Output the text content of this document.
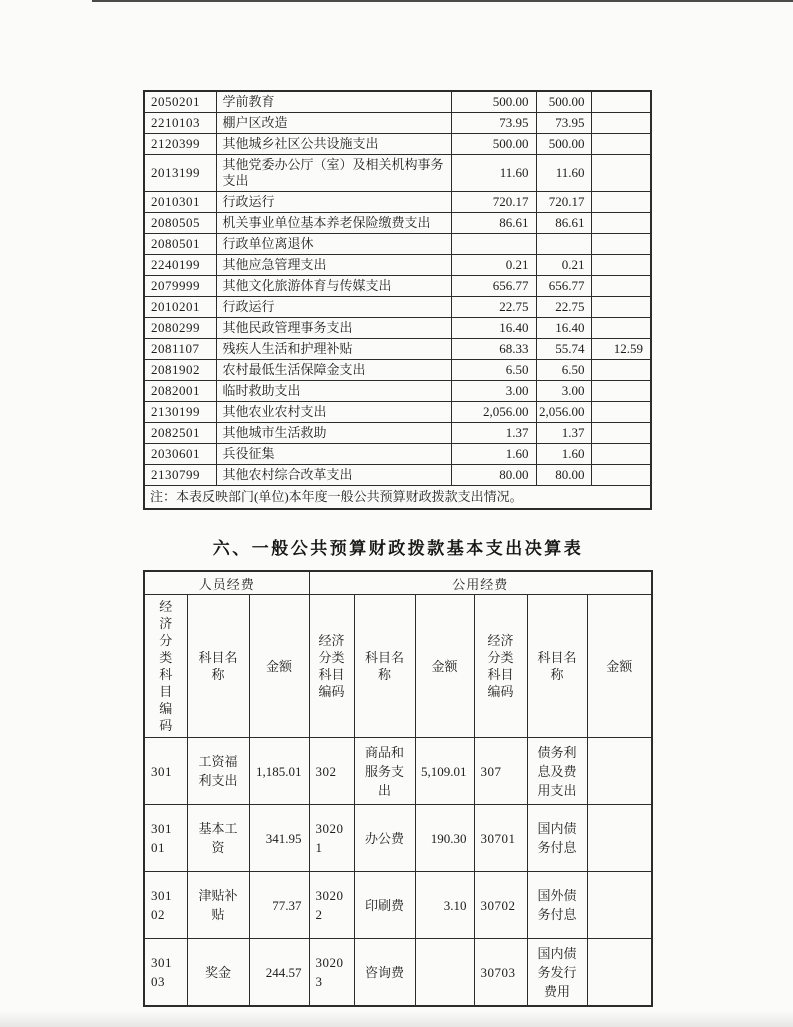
2050201	学前教育	500.00	500.00	
2210103	棚户区改造	73.95	73.95	
2120399	其他城乡社区公共设施支出	500.00	500.00	
2013199	其他党委办公厅（室）及相关机构事务支出	11.60	11.60	
2010301	行政运行	720.17	720.17	
2080505	机关事业单位基本养老保险缴费支出	86.61	86.61	
2080501	行政单位离退休			
2240199	其他应急管理支出	0.21	0.21	
2079999	其他文化旅游体育与传媒支出	656.77	656.77	
2010201	行政运行	22.75	22.75	
2080299	其他民政管理事务支出	16.40	16.40	
2081107	残疾人生活和护理补贴	68.33	55.74	12.59
2081902	农村最低生活保障金支出	6.50	6.50	
2082001	临时救助支出	3.00	3.00	
2130199	其他农业农村支出	2,056.00	2,056.00	
2082501	其他城市生活救助	1.37	1.37	
2030601	兵役征集	1.60	1.60	
2130799	其他农村综合改革支出	80.00	80.00	
注：本表反映部门(单位)本年度一般公共预算财政拨款支出情况。				
六、一般公共预算财政拨款基本支出决算表
人员经费			公用经费					
经济分类科目编码	科目名称	金额	经济分类科目编码	科目名称	金额	经济分类科目编码	科目名称	金额
301	工资福利支出	1,185.01	302	商品和服务支出	5,109.01	307	债务利息及费用支出	
30101	基本工资	341.95	30201	办公费	190.30	30701	国内债务付息	
30102	津贴补贴	77.37	30202	印刷费	3.10	30702	国外债务付息	
30103	奖金	244.57	30203	咨询费		30703	国内债务发行费用	
